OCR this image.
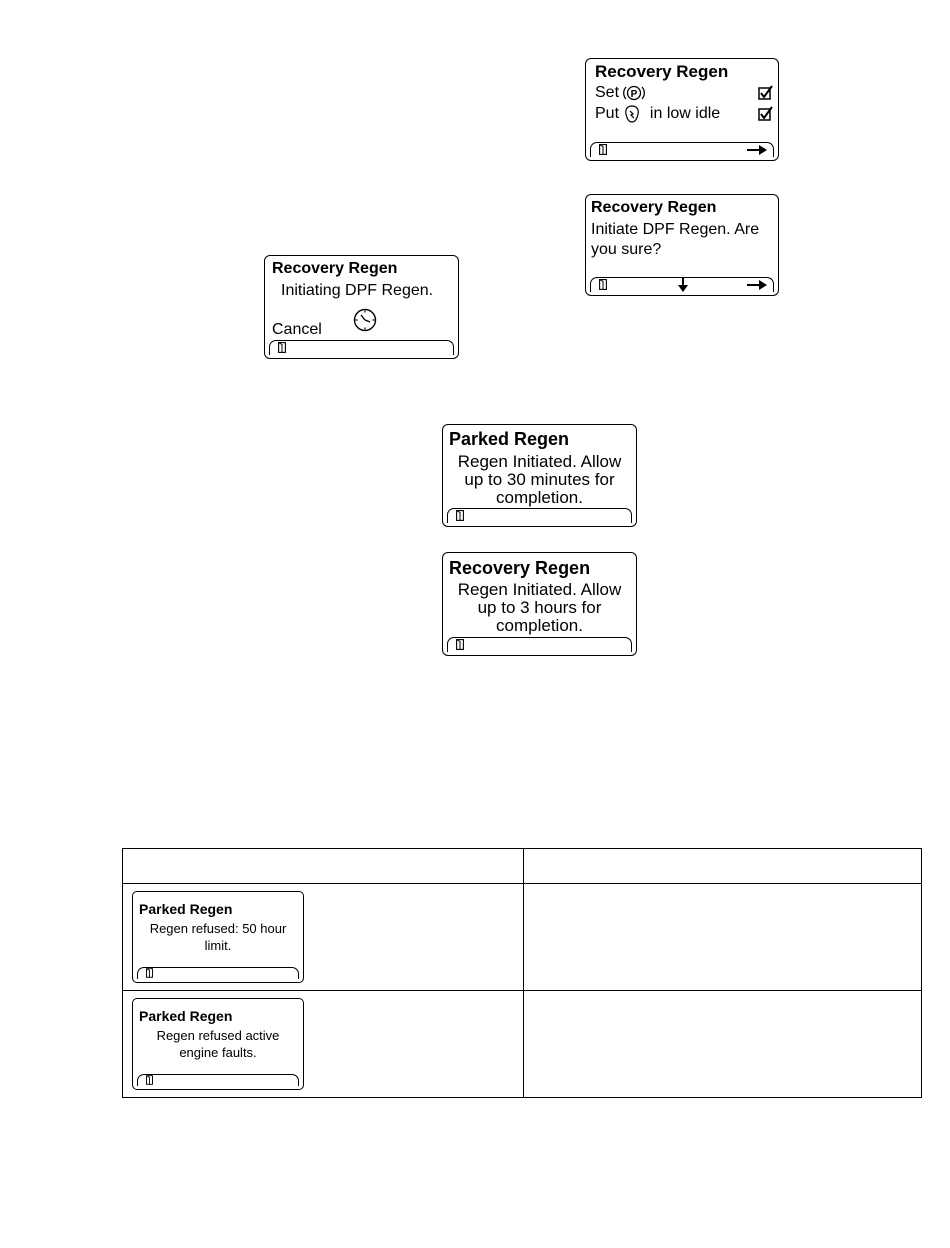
Recovery Regen
Set P
Put in low idle
Recovery Regen
Initiate DPF Regen. Are
you sure?
Recovery Regen
Initiating DPF Regen.
Cancel
Parked Regen
Regen Initiated. Allow
up to 30 minutes for
completion.
Recovery Regen
Regen Initiated. Allow
up to 3 hours for
completion.

Parked Regen
Regen refused: 50 hour
limit.	

Parked Regen
Regen refused active
engine faults.	
